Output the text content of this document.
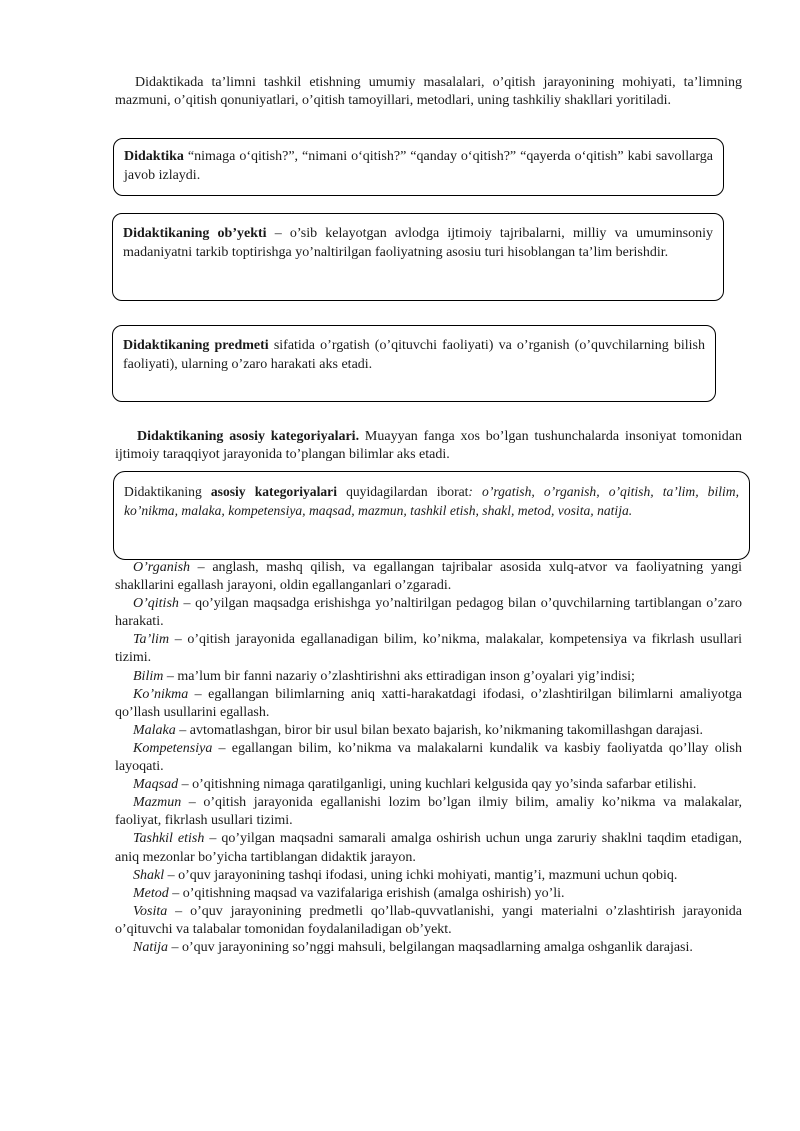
Didaktikada ta’limni tashkil etishning umumiy masalalari, o’qitish jarayonining mohiyati, ta’limning mazmuni, o’qitish qonuniyatlari, o’qitish tamoyillari, metodlari, uning tashkiliy shakllari yoritiladi.

Didaktika “nimaga o‘qitish?”, “nimani o‘qitish?” “qanday o‘qitish?” “qayerda o‘qitish” kabi savollarga javob izlaydi.

Didaktikaning ob’yekti – o’sib kelayotgan avlodga ijtimoiy tajribalarni, milliy va umuminsoniy madaniyatni tarkib toptirishga yo’naltirilgan faoliyatning asosiu turi hisoblangan ta’lim berishdir.

Didaktikaning predmeti sifatida o’rgatish (o’qituvchi faoliyati) va o’rganish (o’quvchilarning bilish faoliyati), ularning o’zaro harakati aks etadi.

Didaktikaning asosiy kategoriyalari. Muayyan fanga xos bo’lgan tushunchalarda insoniyat tomonidan ijtimoiy taraqqiyot jarayonida to’plangan bilimlar aks etadi.

Didaktikaning asosiy kategoriyalari quyidagilardan iborat: o’rgatish, o’rganish, o’qitish, ta’lim, bilim, ko’nikma, malaka, kompetensiya, maqsad, mazmun, tashkil etish, shakl, metod, vosita, natija.

O’rganish – anglash, mashq qilish, va egallangan tajribalar asosida xulq-atvor va faoliyatning yangi shakllarini egallash jarayoni, oldin egallanganlari o’zgaradi.

O’qitish – qo’yilgan maqsadga erishishga yo’naltirilgan pedagog bilan o’quvchilarning tartiblangan o’zaro harakati.

Ta’lim – o’qitish jarayonida egallanadigan bilim, ko’nikma, malakalar, kompetensiya va fikrlash usullari tizimi.

Bilim – ma’lum bir fanni nazariy o’zlashtirishni aks ettiradigan inson g’oyalari yig’indisi;

Ko’nikma – egallangan bilimlarning aniq xatti-harakatdagi ifodasi, o’zlashtirilgan bilimlarni amaliyotga qo’llash usullarini egallash.

Malaka – avtomatlashgan, biror bir usul bilan bexato bajarish, ko’nikmaning takomillashgan darajasi.

Kompetensiya – egallangan bilim, ko’nikma va malakalarni kundalik va kasbiy faoliyatda qo’llay olish layoqati.

Maqsad – o’qitishning nimaga qaratilganligi, uning kuchlari kelgusida qay yo’sinda safarbar etilishi.

Mazmun – o’qitish jarayonida egallanishi lozim bo’lgan ilmiy bilim, amaliy ko’nikma va malakalar, faoliyat, fikrlash usullari tizimi.

Tashkil etish – qo’yilgan maqsadni samarali amalga oshirish uchun unga zaruriy shaklni taqdim etadigan, aniq mezonlar bo’yicha tartiblangan didaktik jarayon.

Shakl – o’quv jarayonining tashqi ifodasi, uning ichki mohiyati, mantig’i, mazmuni uchun qobiq.

Metod – o’qitishning maqsad va vazifalariga erishish (amalga oshirish) yo’li.

Vosita – o’quv jarayonining predmetli qo’llab-quvvatlanishi, yangi materialni o’zlashtirish jarayonida o’qituvchi va talabalar tomonidan foydalaniladigan ob’yekt.

Natija – o’quv jarayonining so’nggi mahsuli, belgilangan maqsadlarning amalga oshganlik darajasi.
